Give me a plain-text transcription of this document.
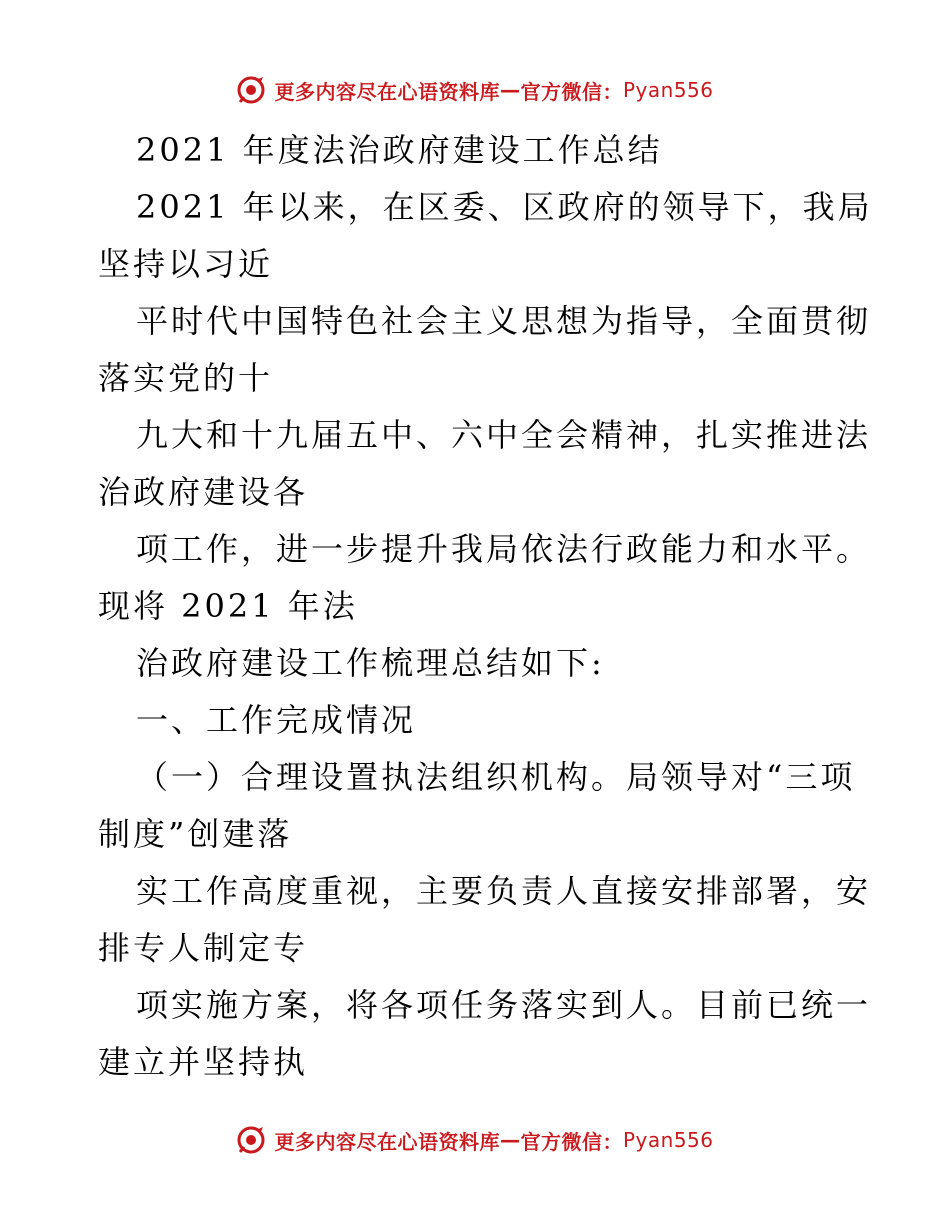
更多内容尽在心语资料库 — 官方微信： Pyan556
2021 年度法治政府建设工作总结
2021 年以来，在区委、区政府的领导下，我局
坚持以习近
平时代中国特色社会主义思想为指导，全面贯彻
落实党的十
九大和十九届五中、六中全会精神，扎实推进法
治政府建设各
项工作，进一步提升我局依法行政能力和水平。
现将 2021 年法
治政府建设工作梳理总结如下:
一、工作完成情况
（一）合理设置执法组织机构。局领导对“三项
制度”创建落
实工作高度重视，主要负责人直接安排部署，安
排专人制定专
项实施方案，将各项任务落实到人。目前已统一
建立并坚持执
更多内容尽在心语资料库 — 官方微信： Pyan556
